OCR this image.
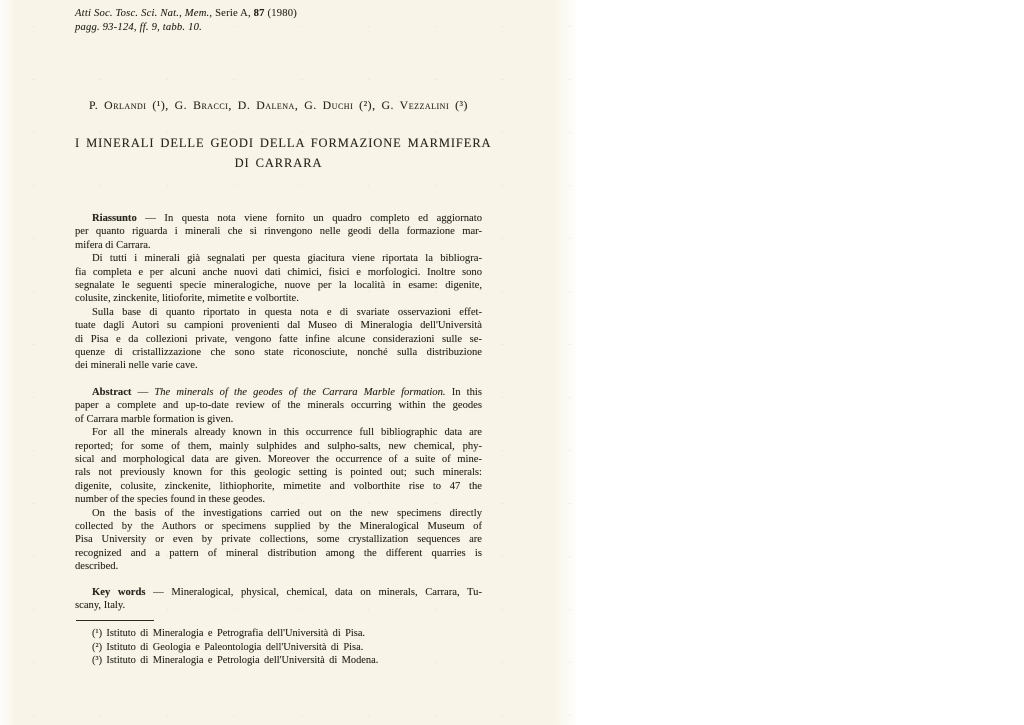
Atti Soc. Tosc. Sci. Nat., Mem., Serie A, 87 (1980)
pagg. 93-124, ff. 9, tabb. 10.
P. Orlandi (¹), G. Bracci, D. Dalena, G. Duchi (²), G. Vezzalini (³)
I MINERALI DELLE GEODI DELLA FORMAZIONE MARMIFERA
DI CARRARA
Riassunto — In questa nota viene fornito un quadro completo ed aggiornato
per quanto riguarda i minerali che si rinvengono nelle geodi della formazione mar-
mifera di Carrara.
Di tutti i minerali già segnalati per questa giacitura viene riportata la bibliogra-
fia completa e per alcuni anche nuovi dati chimici, fisici e morfologici. Inoltre sono
segnalate le seguenti specie mineralogiche, nuove per la località in esame: digenite,
colusite, zinckenite, litioforite, mimetite e volbortite.
Sulla base di quanto riportato in questa nota e di svariate osservazioni effet-
tuate dagli Autori su campioni provenienti dal Museo di Mineralogia dell'Università
di Pisa e da collezioni private, vengono fatte infine alcune considerazioni sulle se-
quenze di cristallizzazione che sono state riconosciute, nonché sulla distribuzione
dei minerali nelle varie cave.
Abstract — The minerals of the geodes of the Carrara Marble formation. In this
paper a complete and up-to-date review of the minerals occurring within the geodes
of Carrara marble formation is given.
For all the minerals already known in this occurrence full bibliographic data are
reported; for some of them, mainly sulphides and sulpho-salts, new chemical, phy-
sical and morphological data are given. Moreover the occurrence of a suite of mine-
rals not previously known for this geologic setting is pointed out; such minerals:
digenite, colusite, zinckenite, lithiophorite, mimetite and volborthite rise to 47 the
number of the species found in these geodes.
On the basis of the investigations carried out on the new specimens directly
collected by the Authors or specimens supplied by the Mineralogical Museum of
Pisa University or even by private collections, some crystallization sequences are
recognized and a pattern of mineral distribution among the different quarries is
described.
Key words — Mineralogical, physical, chemical, data on minerals, Carrara, Tu-
scany, Italy.
(¹) Istituto di Mineralogia e Petrografia dell'Università di Pisa.
(²) Istituto di Geologia e Paleontologia dell'Università di Pisa.
(³) Istituto di Mineralogia e Petrologia dell'Università di Modena.
